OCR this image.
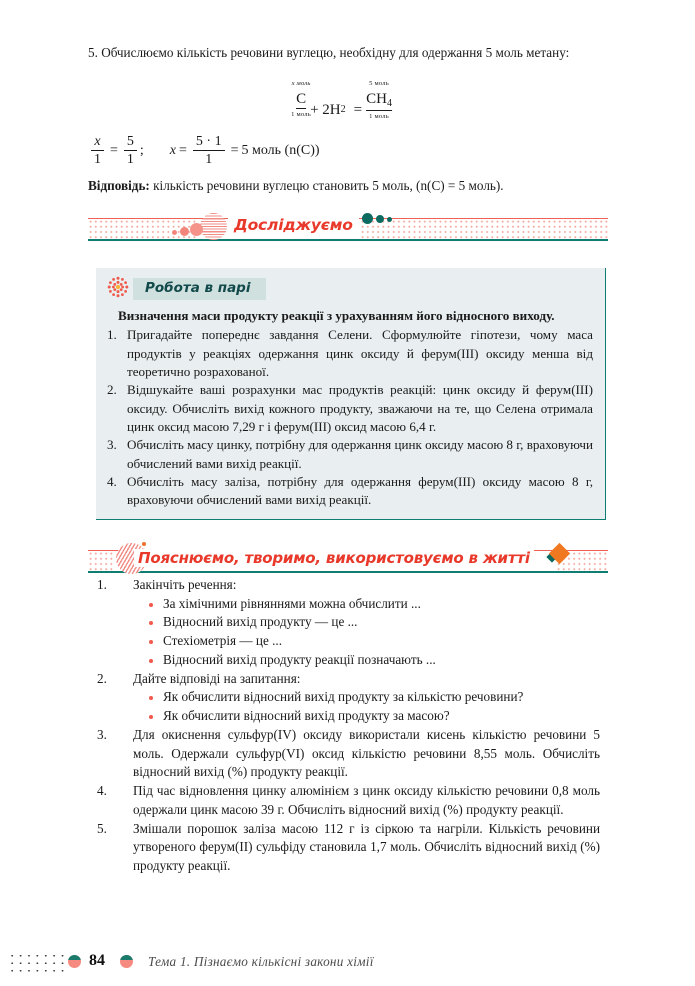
5. Обчислюємо кількість речовини вуглецю, необхідну для одержання 5 моль метану:

x моль
C
1 моль + 2H 2 =
5 моль
$CH_4$
1 моль
$\frac{x}{1} = \frac{5}{1}$ ; $x = \frac{5 \cdot 1}{1} = 5$ моль (n(C))

Відповідь: кількість речовини вуглецю становить 5 моль, (n(C) = 5 моль).

Досліджуємо
Робота в парі

Визначення маси продукту реакції з урахуванням його відносного виходу.

1. Пригадайте попереднє завдання Селени. Сформулюйте гіпотези, чому маса продуктів у реакціях одержання цинк оксиду й ферум(III) оксиду менша від теоретично розрахованої.
2. Відшукайте ваші розрахунки мас продуктів реакцій: цинк оксиду й ферум(III) оксиду. Обчисліть вихід кожного продукту, зважаючи на те, що Селена отримала цинк оксид масою 7,29 г і ферум(III) оксид масою 6,4 г.
3. Обчисліть масу цинку, потрібну для одержання цинк оксиду масою 8 г, враховуючи обчислений вами вихід реакції.
4. Обчисліть масу заліза, потрібну для одержання ферум(III) оксиду масою 8 г, враховуючи обчислений вами вихід реакції.
Пояснюємо, творимо, використовуємо в житті
1.	Закінчіть речення:
За хімічними рівняннями можна обчислити ...
Відносний вихід продукту — це ...
Стехіометрія — це ...
Відносний вихід продукту реакції позначають ...
2.	Дайте відповіді на запитання:
Як обчислити відносний вихід продукту за кількістю речовини?
Як обчислити відносний вихід продукту за масою?
3.	Для окиснення сульфур(IV) оксиду використали кисень кількістю речовини 5 моль. Одержали сульфур(VI) оксид кількістю речовини 8,55 моль. Обчисліть відносний вихід (%) продукту реакції.
4.	Під час відновлення цинку алюмінієм з цинк оксиду кількістю речовини 0,8 моль одержали цинк масою 39 г. Обчисліть відносний вихід (%) продукту реакції.
5.	Змішали порошок заліза масою 112 г із сіркою та нагріли. Кількість речовини утвореного ферум(II) сульфіду становила 1,7 моль. Обчисліть відносний вихід (%) продукту реакції.
84	Тема 1. Пізнаємо кількісні закони хімії
